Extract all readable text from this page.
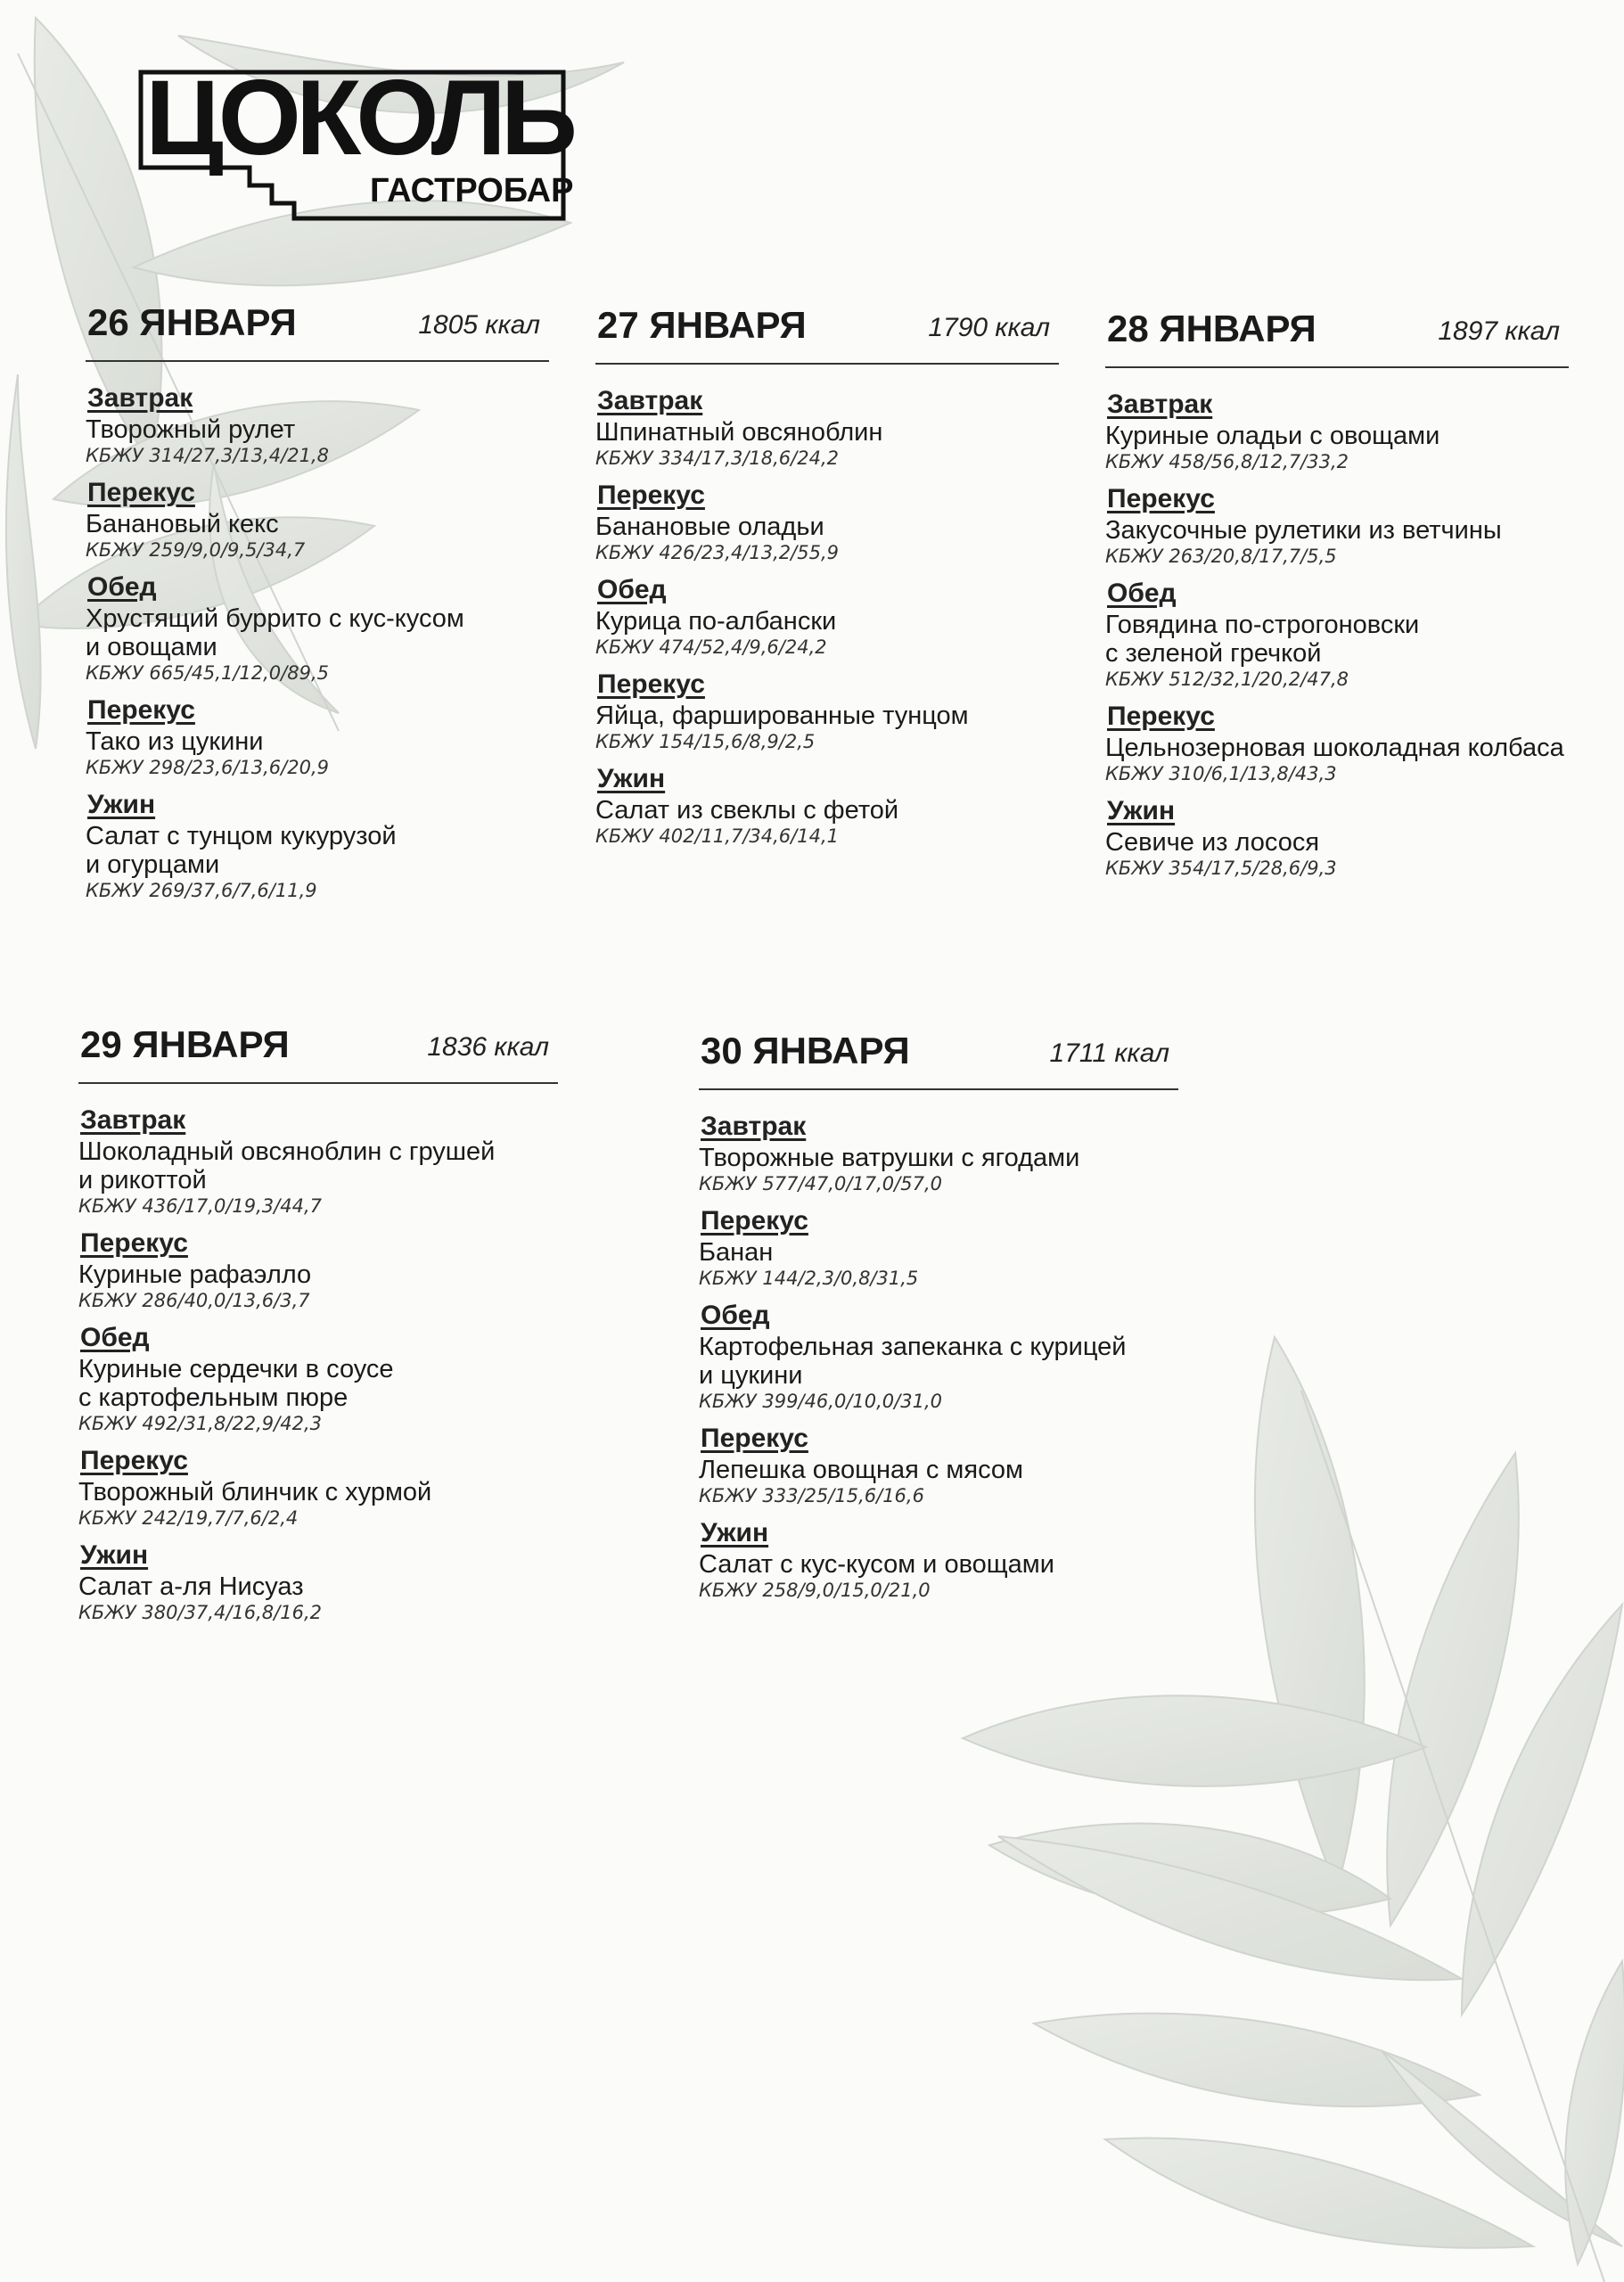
ЦОКОЛЬ
ГАСТРОБАР
26 ЯНВАРЯ	1805 ккал
Завтрак
Творожный рулет
КБЖУ 314/27,3/13,4/21,8
Перекус
Банановый кекс
КБЖУ 259/9,0/9,5/34,7
Обед
Хрустящий буррито с кус-кусом
и овощами
КБЖУ 665/45,1/12,0/89,5
Перекус
Тако из цукини
КБЖУ 298/23,6/13,6/20,9
Ужин
Салат с тунцом кукурузой
и огурцами
КБЖУ 269/37,6/7,6/11,9
27 ЯНВАРЯ	1790 ккал
Завтрак
Шпинатный овсяноблин
КБЖУ 334/17,3/18,6/24,2
Перекус
Банановые оладьи
КБЖУ 426/23,4/13,2/55,9
Обед
Курица по-албански
КБЖУ 474/52,4/9,6/24,2
Перекус
Яйца, фаршированные тунцом
КБЖУ 154/15,6/8,9/2,5
Ужин
Салат из свеклы с фетой
КБЖУ 402/11,7/34,6/14,1
28 ЯНВАРЯ	1897 ккал
Завтрак
Куриные оладьи с овощами
КБЖУ 458/56,8/12,7/33,2
Перекус
Закусочные рулетики из ветчины
КБЖУ 263/20,8/17,7/5,5
Обед
Говядина по-строгоновски
с зеленой гречкой
КБЖУ 512/32,1/20,2/47,8
Перекус
Цельнозерновая шоколадная колбаса
КБЖУ 310/6,1/13,8/43,3
Ужин
Севиче из лосося
КБЖУ 354/17,5/28,6/9,3
29 ЯНВАРЯ	1836 ккал
Завтрак
Шоколадный овсяноблин с грушей
и рикоттой
КБЖУ 436/17,0/19,3/44,7
Перекус
Куриные рафаэлло
КБЖУ 286/40,0/13,6/3,7
Обед
Куриные сердечки в соусе
с картофельным пюре
КБЖУ 492/31,8/22,9/42,3
Перекус
Творожный блинчик с хурмой
КБЖУ 242/19,7/7,6/2,4
Ужин
Салат а-ля Нисуаз
КБЖУ 380/37,4/16,8/16,2
30 ЯНВАРЯ	1711 ккал
Завтрак
Творожные ватрушки с ягодами
КБЖУ 577/47,0/17,0/57,0
Перекус
Банан
КБЖУ 144/2,3/0,8/31,5
Обед
Картофельная запеканка с курицей
и цукини
КБЖУ 399/46,0/10,0/31,0
Перекус
Лепешка овощная с мясом
КБЖУ 333/25/15,6/16,6
Ужин
Салат с кус-кусом и овощами
КБЖУ 258/9,0/15,0/21,0
